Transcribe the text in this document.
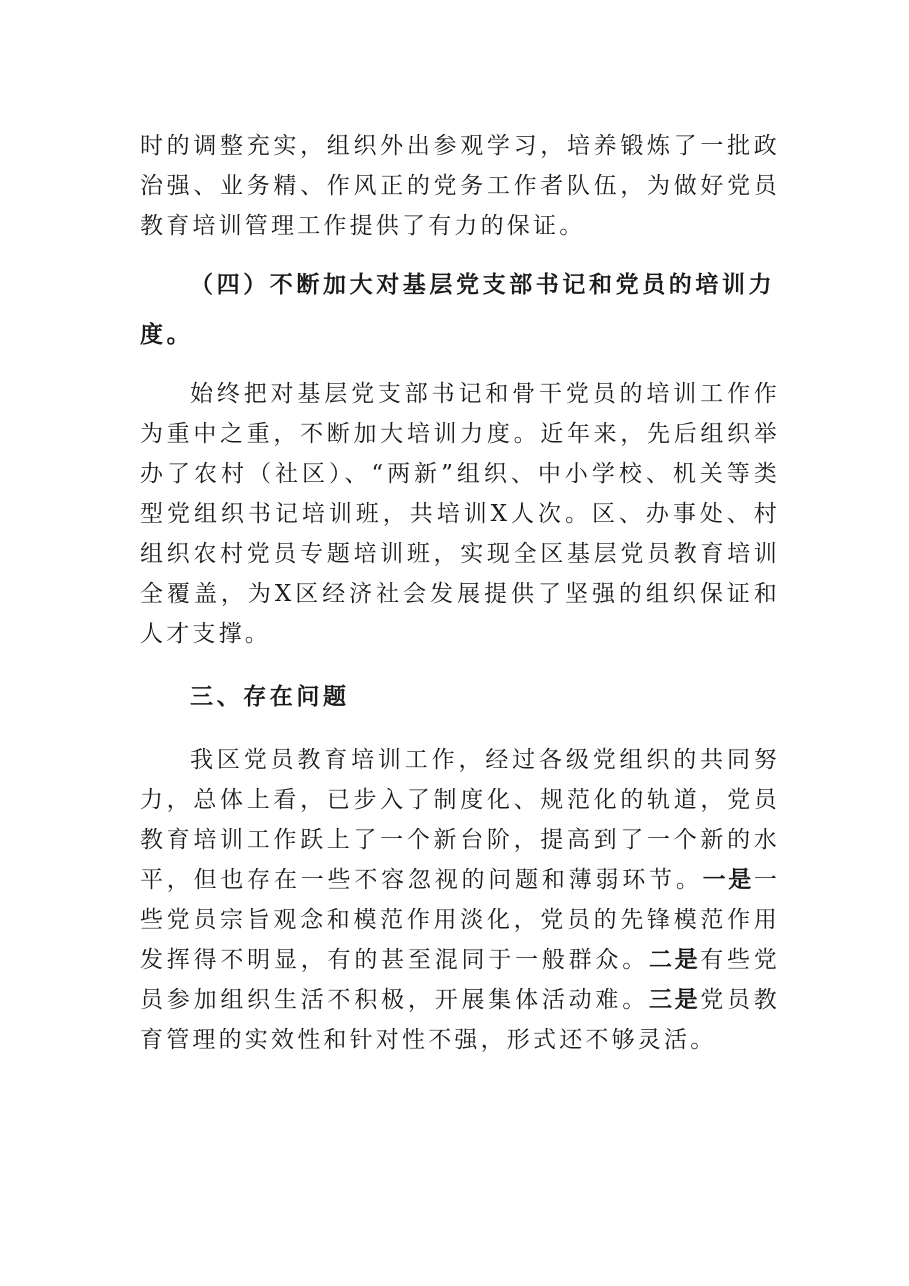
时的调整充实，组织外出参观学习，培养锻炼了一批政治强、业务精、作风正的党务工作者队伍，为做好党员教育培训管理工作提供了有力的保证。

（四）不断加大对基层党支部书记和党员的培训力度。

始终把对基层党支部书记和骨干党员的培训工作作为重中之重，不断加大培训力度。近年来，先后组织举办了农村（社区）、“两新”组织、中小学校、机关等类型党组织书记培训班，共培训X人次。区、办事处、村组织农村党员专题培训班，实现全区基层党员教育培训全覆盖，为X区经济社会发展提供了坚强的组织保证和人才支撑。

三、存在问题

我区党员教育培训工作，经过各级党组织的共同努力，总体上看，已步入了制度化、规范化的轨道，党员教育培训工作跃上了一个新台阶，提高到了一个新的水平，但也存在一些不容忽视的问题和薄弱环节。一是一些党员宗旨观念和模范作用淡化，党员的先锋模范作用发挥得不明显，有的甚至混同于一般群众。二是有些党员参加组织生活不积极，开展集体活动难。三是党员教育管理的实效性和针对性不强，形式还不够灵活。
